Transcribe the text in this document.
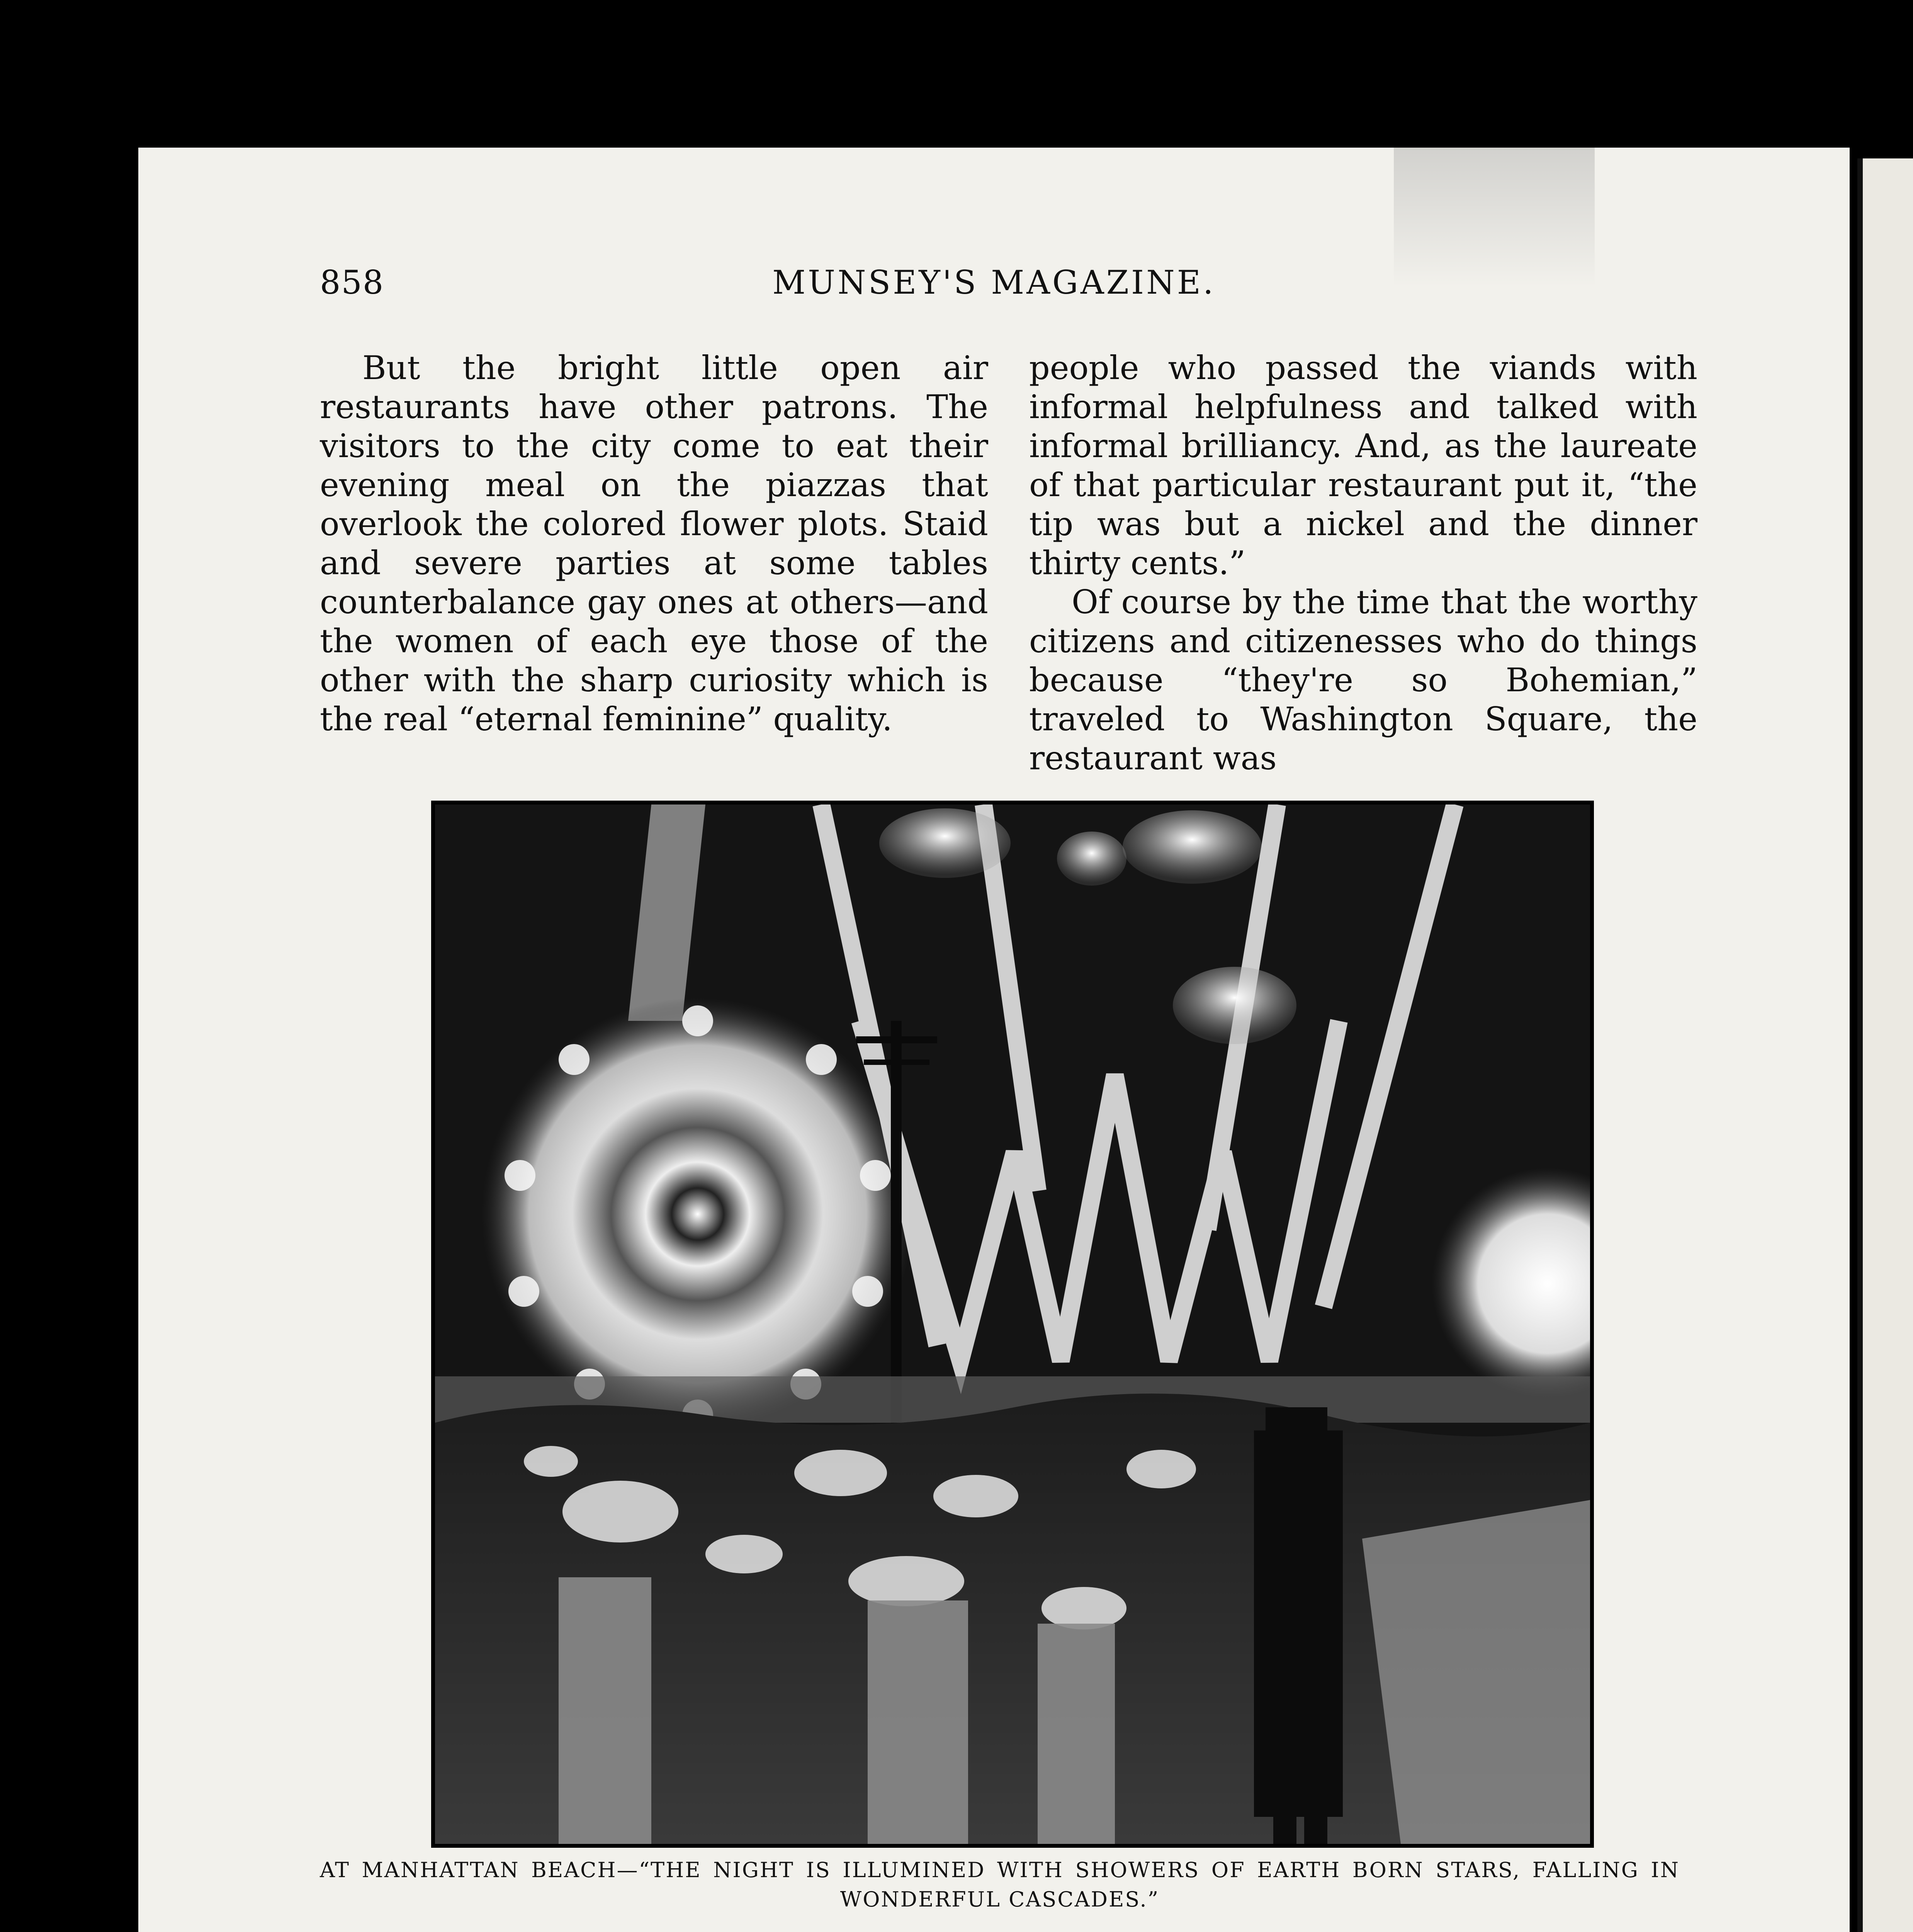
858	MUNSEY'S MAGAZINE.

But the bright little open air restaurants have other patrons. The visitors to the city come to eat their evening meal on the piazzas that overlook the colored flower plots. Staid and severe parties at some tables counterbalance gay ones at others—and the women of each eye those of the other with the sharp curiosity which is the real “eternal feminine” quality.

people who passed the viands with informal helpfulness and talked with informal brilliancy. And, as the laureate of that particular restaurant put it, “the tip was but a nickel and the dinner thirty cents.”

Of course by the time that the worthy citizens and citizenesses who do things because “they're so Bohemian,” traveled to Washington Square, the restaurant was

AT MANHATTAN BEACH—“THE NIGHT IS ILLUMINED WITH SHOWERS OF EARTH BORN STARS, FALLING IN WONDERFUL CASCADES.”
